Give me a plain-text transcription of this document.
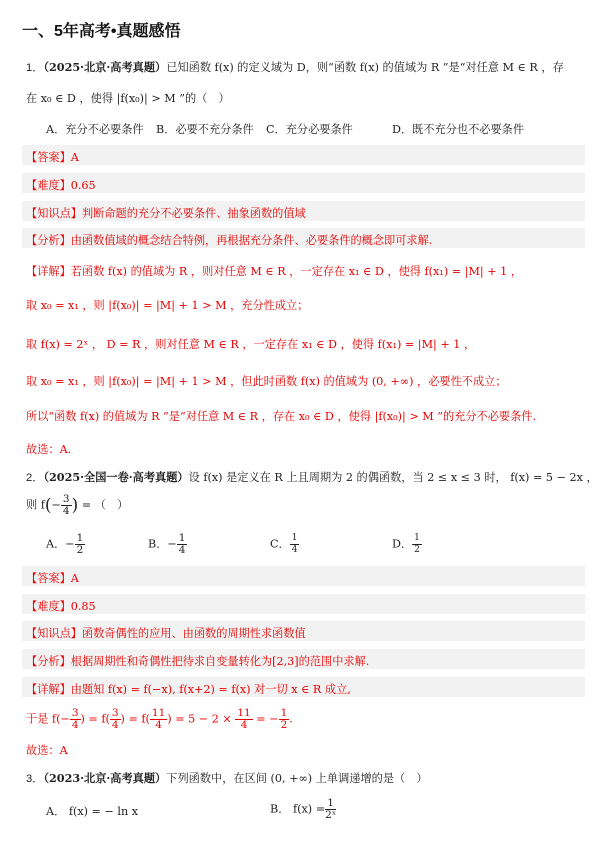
一、5年高考•真题感悟
1．（2025·北京·高考真题）已知函数 f(x) 的定义域为 D，则“函数 f(x) 的值域为 R ”是“对任意 M ∈ R ，存
在 x₀ ∈ D ，使得 |f(x₀)| > M ”的（　）
A．充分不必要条件 B．必要不充分条件 C．充分必要条件	D．既不充分也不必要条件
【答案】A
【难度】0.65
【知识点】判断命题的充分不必要条件、抽象函数的值域
【分析】由函数值域的概念结合特例，再根据充分条件、必要条件的概念即可求解.
【详解】若函数 f(x) 的值域为 R ，则对任意 M ∈ R ，一定存在 x₁ ∈ D ，使得 f(x₁) = |M| + 1 ，
取 x₀ = x₁ ，则 |f(x₀)| = |M| + 1 > M ，充分性成立；
取 f(x) = 2ˣ ， D = R ，则对任意 M ∈ R ，一定存在 x₁ ∈ D ，使得 f(x₁) = |M| + 1 ，
取 x₀ = x₁ ，则 |f(x₀)| = |M| + 1 > M ，但此时函数 f(x) 的值域为 (0, +∞) ，必要性不成立；
所以“函数 f(x) 的值域为 R ”是“对任意 M ∈ R ，存在 x₀ ∈ D ，使得 |f(x₀)| > M ”的充分不必要条件.
故选：A.
2．（2025·全国一卷·高考真题）设 f(x) 是定义在 R 上且周期为 2 的偶函数，当 2 ≤ x ≤ 3 时， f(x) = 5 − 2x ，
则 $f(- \frac{3}{4}$ ) = （　）
A．− $\frac{1}{2}$	B．− $\frac{1}{4}$	C． $\frac{1}{4}$	D． $\frac{1}{2}$
【答案】A
【难度】0.85
【知识点】函数奇偶性的应用、由函数的周期性求函数值
【分析】根据周期性和奇偶性把待求自变量转化为[2,3]的范围中求解.
【详解】由题知 f(x) = f(−x), f(x+2) = f(x) 对一切 x ∈ R 成立,
于是 $f(- \frac{3}{4}$ ) = $f( \frac{3}{4}$ ) = $f( \frac{11}{4}$ ) = $5 - 2 \times \frac{11}{4}$ = − $\frac{1}{2}$ .
故选：A
3．（2023·北京·高考真题）下列函数中，在区间 (0, +∞) 上单调递增的是（　）
A． f(x) = − ln x	B． $f(x) = \frac{1}{\text{2ˣ}}$
